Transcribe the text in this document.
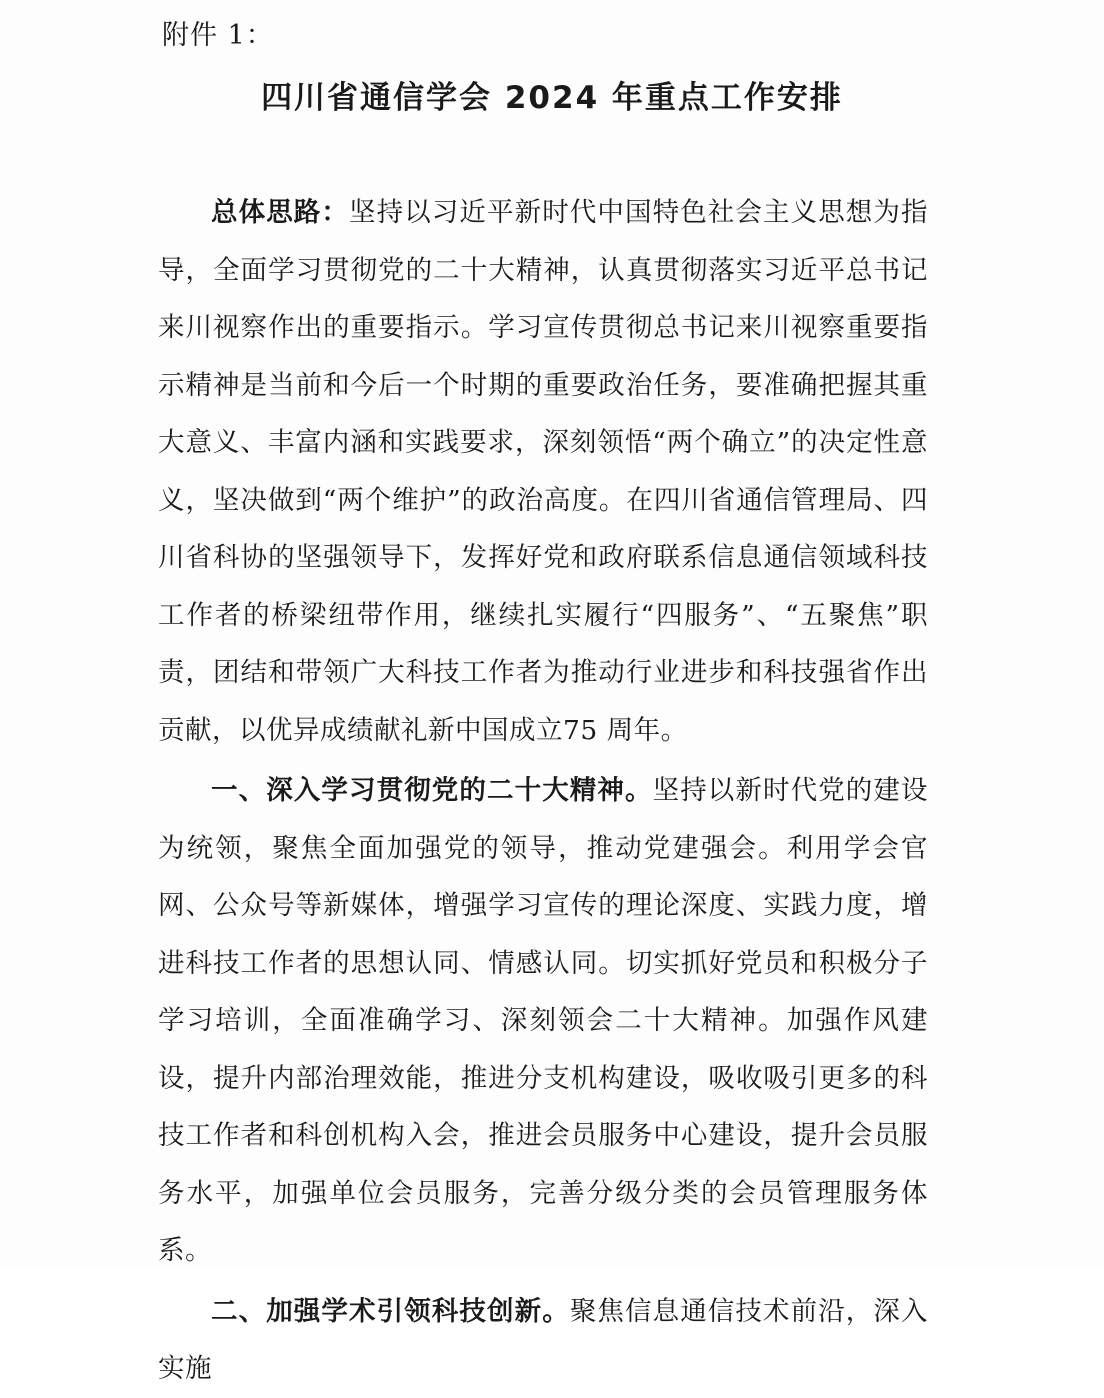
附件 1：
四川省通信学会 2024 年重点工作安排

总体思路：坚持以习近平新时代中国特色社会主义思想为指导，全面学习贯彻党的二十大精神，认真贯彻落实习近平总书记来川视察作出的重要指示。学习宣传贯彻总书记来川视察重要指示精神是当前和今后一个时期的重要政治任务，要准确把握其重大意义、丰富内涵和实践要求，深刻领悟“两个确立”的决定性意义，坚决做到“两个维护”的政治高度。在四川省通信管理局、四川省科协的坚强领导下，发挥好党和政府联系信息通信领域科技工作者的桥梁纽带作用，继续扎实履行“四服务”、“五聚焦”职责，团结和带领广大科技工作者为推动行业进步和科技强省作出贡献，以优异成绩献礼新中国成立75 周年。

一、深入学习贯彻党的二十大精神。坚持以新时代党的建设为统领，聚焦全面加强党的领导，推动党建强会。利用学会官网、公众号等新媒体，增强学习宣传的理论深度、实践力度，增进科技工作者的思想认同、情感认同。切实抓好党员和积极分子学习培训，全面准确学习、深刻领会二十大精神。加强作风建设，提升内部治理效能，推进分支机构建设，吸收吸引更多的科技工作者和科创机构入会，推进会员服务中心建设，提升会员服务水平，加强单位会员服务，完善分级分类的会员管理服务体系。

二、加强学术引领科技创新。聚焦信息通信技术前沿，深入实施
